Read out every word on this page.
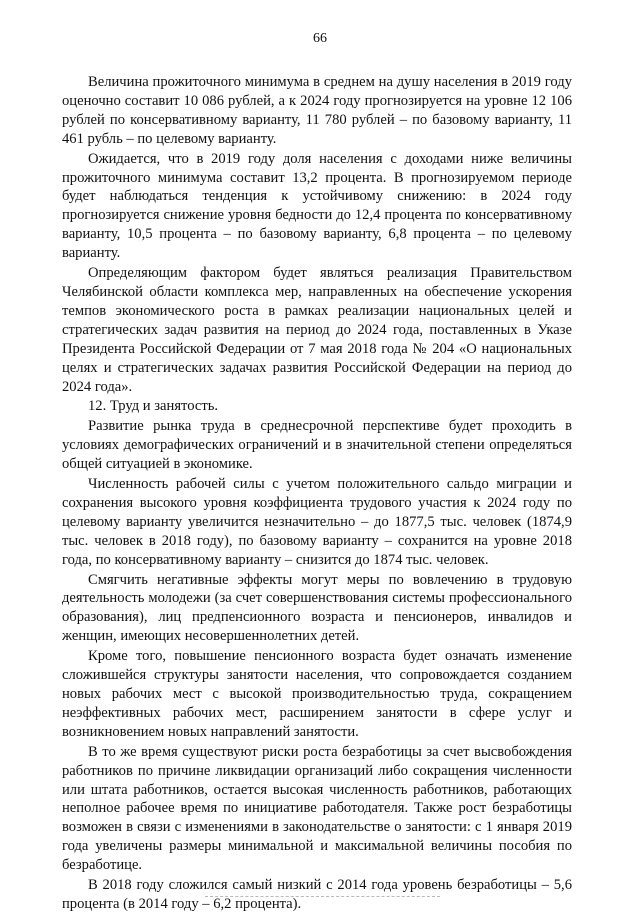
66

Величина прожиточного минимума в среднем на душу населения в 2019 году оценочно составит 10 086 рублей, а к 2024 году прогнозируется на уровне 12 106 рублей по консервативному варианту, 11 780 рублей – по базовому варианту, 11 461 рубль – по целевому варианту.

Ожидается, что в 2019 году доля населения с доходами ниже величины прожиточного минимума составит 13,2 процента. В прогнозируемом периоде будет наблюдаться тенденция к устойчивому снижению: в 2024 году прогнозируется снижение уровня бедности до 12,4 процента по консервативному варианту, 10,5 процента – по базовому варианту, 6,8 процента – по целевому варианту.

Определяющим фактором будет являться реализация Правительством Челябинской области комплекса мер, направленных на обеспечение ускорения темпов экономического роста в рамках реализации национальных целей и стратегических задач развития на период до 2024 года, поставленных в Указе Президента Российской Федерации от 7 мая 2018 года № 204 «О национальных целях и стратегических задачах развития Российской Федерации на период до 2024 года».

12. Труд и занятость.

Развитие рынка труда в среднесрочной перспективе будет проходить в условиях демографических ограничений и в значительной степени определяться общей ситуацией в экономике.

Численность рабочей силы с учетом положительного сальдо миграции и сохранения высокого уровня коэффициента трудового участия к 2024 году по целевому варианту увеличится незначительно – до 1877,5 тыс. человек (1874,9 тыс. человек в 2018 году), по базовому варианту – сохранится на уровне 2018 года, по консервативному варианту – снизится до 1874 тыс. человек.

Смягчить негативные эффекты могут меры по вовлечению в трудовую деятельность молодежи (за счет совершенствования системы профессионального образования), лиц предпенсионного возраста и пенсионеров, инвалидов и женщин, имеющих несовершеннолетних детей.

Кроме того, повышение пенсионного возраста будет означать изменение сложившейся структуры занятости населения, что сопровождается созданием новых рабочих мест с высокой производительностью труда, сокращением неэффективных рабочих мест, расширением занятости в сфере услуг и возникновением новых направлений занятости.

В то же время существуют риски роста безработицы за счет высвобождения работников по причине ликвидации организаций либо сокращения численности или штата работников, остается высокая численность работников, работающих неполное рабочее время по инициативе работодателя. Также рост безработицы возможен в связи с изменениями в законодательстве о занятости: с 1 января 2019 года увеличены размеры минимальной и максимальной величины пособия по безработице.

В 2018 году сложился самый низкий с 2014 года уровень безработицы – 5,6 процента (в 2014 году – 6,2 процента).
